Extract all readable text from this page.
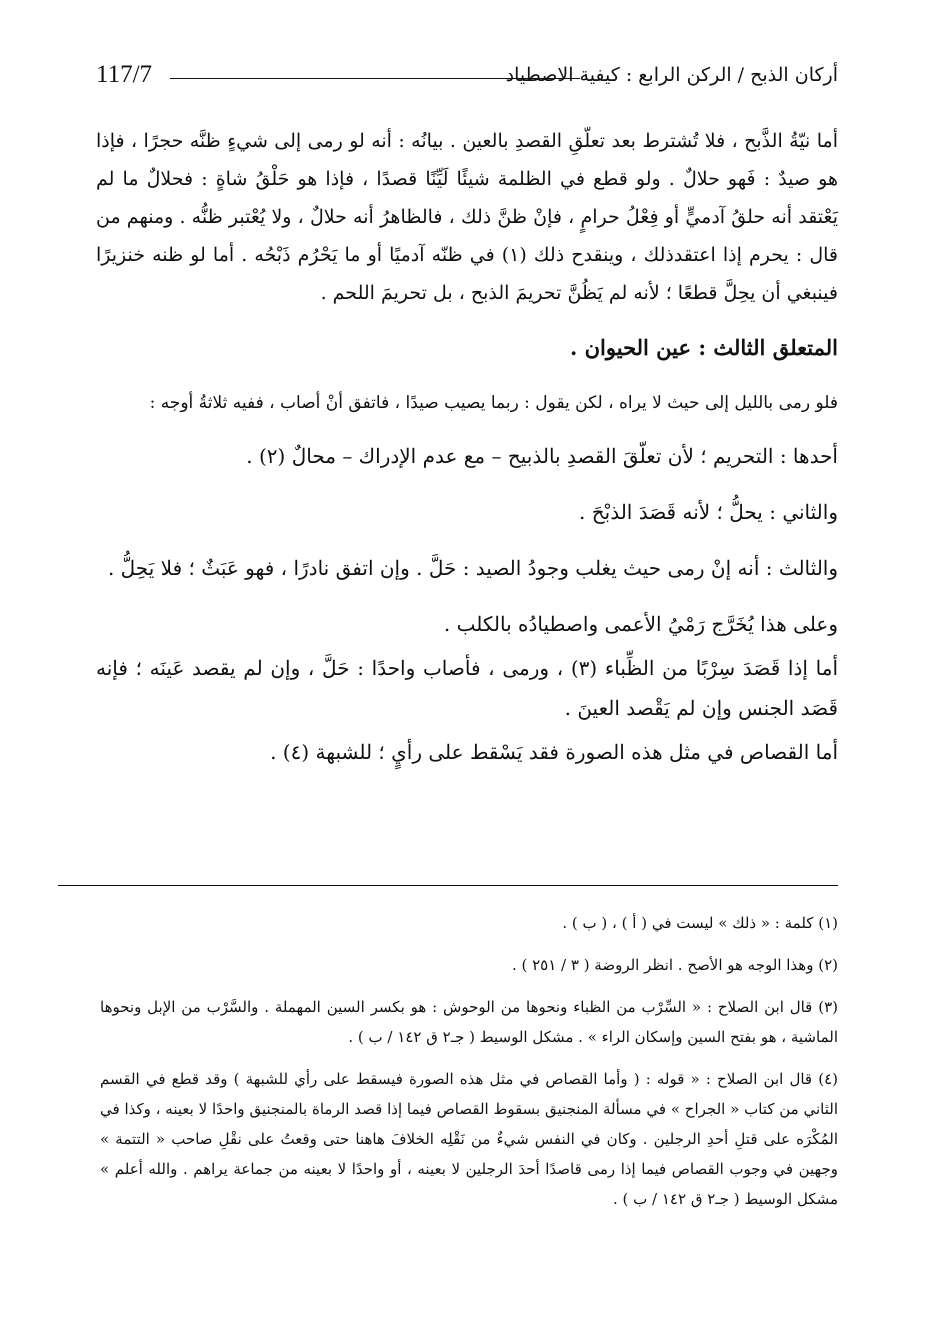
117/7	أركان الذبح / الركن الرابع : كيفية الاصطياد

أما نيّةُ الذَّبح ، فلا تُشترط بعد تعلّقِ القصدِ بالعين . بيانُه : أنه لو رمى إلى شيءٍ ظنَّه حجرًا ، فإذا هو صيدٌ : فَهو حلالٌ . ولو قطع في الظلمة شيئًا لَيِّنًا قصدًا ، فإذا هو حَلْقُ شاةٍ : فحلالٌ ما لم يَعْتقد أنه حلقُ آدميٍّ أو فِعْلُ حرامٍ ، فإنْ ظنَّ ذلك ، فالظاهرُ أنه حلالٌ ، ولا يُعْتبر ظنُّه . ومنهم من قال : يحرم إذا اعتقدذلك ، وينقدح ذلك (١) في ظنّه آدميًا أو ما يَحْرُم ذَبْحُه . أما لو ظنه خنزيرًا فينبغي أن يحِلَّ قطعًا ؛ لأنه لم يَظُنَّ تحريمَ الذبح ، بل تحريمَ اللحم .

المتعلق الثالث : عين الحيوان .

فلو رمى بالليل إلى حيث لا يراه ، لكن يقول : ربما يصيب صيدًا ، فاتفق أنْ أصاب ، ففيه ثلاثةُ أوجه :

أحدها : التحريم ؛ لأن تعلّقَ القصدِ بالذبيح – مع عدم الإدراك – محالٌ (٢) .

والثاني : يحلُّ ؛ لأنه قَصَدَ الذبْحَ .

والثالث : أنه إنْ رمى حيث يغلب وجودُ الصيد : حَلَّ . وإن اتفق نادرًا ، فهو عَبَثٌ ؛ فلا يَحِلُّ .

وعلى هذا يُخَرَّج رَمْيُ الأعمى واصطيادُه بالكلب .

أما إذا قَصَدَ سِرْبًا من الظِّباء (٣) ، ورمى ، فأصاب واحدًا : حَلَّ ، وإن لم يقصد عَينَه ؛ فإنه قَصَد الجنس وإن لم يَقْصد العينَ .

أما القصاص في مثل هذه الصورة فقد يَسْقط على رأيٍ ؛ للشبهة (٤) .

(١) كلمة : « ذلك » ليست في ( أ ) ، ( ب ) .

(٢) وهذا الوجه هو الأصح . انظر الروضة ( ٣ / ٢٥١ ) .

(٣) قال ابن الصلاح : « السِّرْب من الظباء ونحوها من الوحوش : هو بكسر السين المهملة . والسَّرْب من الإبل ونحوها الماشية ، هو بفتح السين وإسكان الراء » . مشكل الوسيط ( جـ٢ ق ١٤٢ / ب ) .

(٤) قال ابن الصلاح : « قوله : ( وأما القصاص في مثل هذه الصورة فيسقط على رأي للشبهة ) وقد قطع في القسم الثاني من كتاب « الجراح » في مسألة المنجنيق بسقوط القصاص فيما إذا قصد الرماة بالمنجنيق واحدًا لا بعينه ، وكذا في المُكْرَه على قتلِ أحدِ الرجلين . وكان في النفس شيءٌ من نَقْلِه الخلافَ هاهنا حتى وقعتُ على نقْلِ صاحب « التتمة » وجهين في وجوب القصاص فيما إذا رمى قاصدًا أحدَ الرجلين لا بعينه ، أو واحدًا لا بعينه من جماعة يراهم . والله أعلم » مشكل الوسيط ( جـ٢ ق ١٤٢ / ب ) .
